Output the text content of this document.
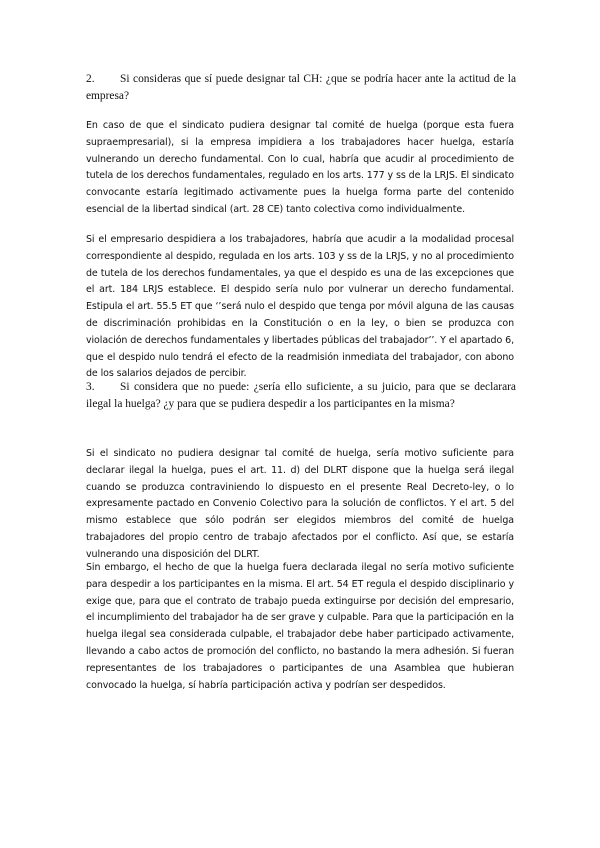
2. Si consideras que sí puede designar tal CH: ¿que se podría hacer ante la actitud de la empresa?

En caso de que el sindicato pudiera designar tal comité de huelga (porque esta fuera supraempresarial), si la empresa impidiera a los trabajadores hacer huelga, estaría vulnerando un derecho fundamental. Con lo cual, habría que acudir al procedimiento de tutela de los derechos fundamentales, regulado en los arts. 177 y ss de la LRJS. El sindicato convocante estaría legitimado activamente pues la huelga forma parte del contenido esencial de la libertad sindical (art. 28 CE) tanto colectiva como individualmente.

Si el empresario despidiera a los trabajadores, habría que acudir a la modalidad procesal correspondiente al despido, regulada en los arts. 103 y ss de la LRJS, y no al procedimiento de tutela de los derechos fundamentales, ya que el despido es una de las excepciones que el art. 184 LRJS establece. El despido sería nulo por vulnerar un derecho fundamental. Estipula el art. 55.5 ET que ‘’será nulo el despido que tenga por móvil alguna de las causas de discriminación prohibidas en la Constitución o en la ley, o bien se produzca con violación de derechos fundamentales y libertades públicas del trabajador’’. Y el apartado 6, que el despido nulo tendrá el efecto de la readmisión inmediata del trabajador, con abono de los salarios dejados de percibir.

3. Si considera que no puede: ¿sería ello suficiente, a su juicio, para que se declarara ilegal la huelga? ¿y para que se pudiera despedir a los participantes en la misma?

Si el sindicato no pudiera designar tal comité de huelga, sería motivo suficiente para declarar ilegal la huelga, pues el art. 11. d) del DLRT dispone que la huelga será ilegal cuando se produzca contraviniendo lo dispuesto en el presente Real Decreto-ley, o lo expresamente pactado en Convenio Colectivo para la solución de conflictos. Y el art. 5 del mismo establece que sólo podrán ser elegidos miembros del comité de huelga trabajadores del propio centro de trabajo afectados por el conflicto. Así que, se estaría vulnerando una disposición del DLRT.

Sin embargo, el hecho de que la huelga fuera declarada ilegal no sería motivo suficiente para despedir a los participantes en la misma. El art. 54 ET regula el despido disciplinario y exige que, para que el contrato de trabajo pueda extinguirse por decisión del empresario, el incumplimiento del trabajador ha de ser grave y culpable. Para que la participación en la huelga ilegal sea considerada culpable, el trabajador debe haber participado activamente, llevando a cabo actos de promoción del conflicto, no bastando la mera adhesión. Si fueran representantes de los trabajadores o participantes de una Asamblea que hubieran convocado la huelga, sí habría participación activa y podrían ser despedidos.
